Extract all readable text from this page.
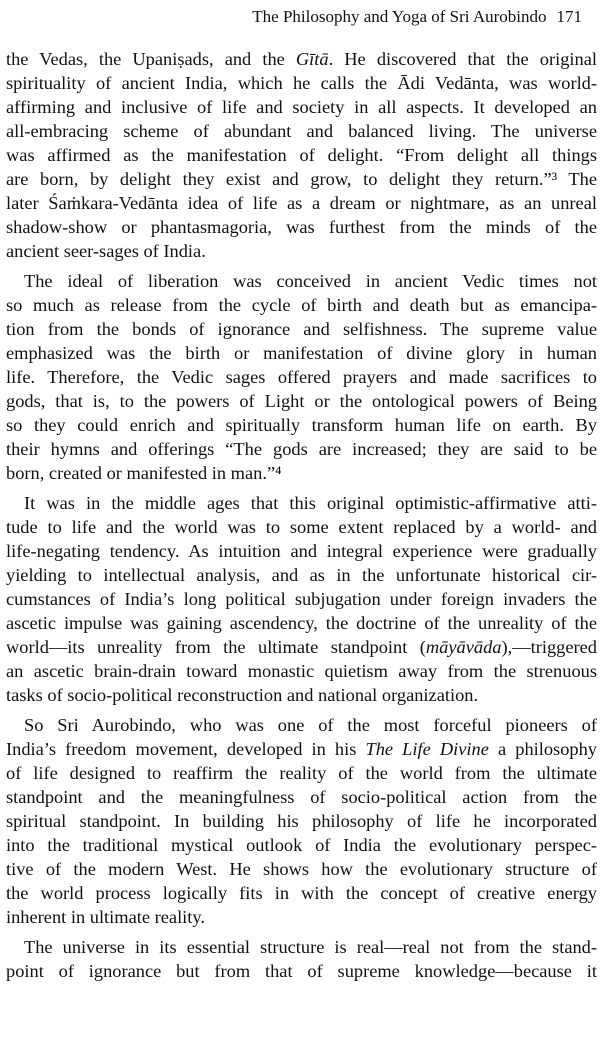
The Philosophy and Yoga of Sri Aurobindo 171
the Vedas, the Upaniṣads, and the Gītā. He discovered that the original
spirituality of ancient India, which he calls the Ādi Vedānta, was world-
affirming and inclusive of life and society in all aspects. It developed an
all-embracing scheme of abundant and balanced living. The universe
was affirmed as the manifestation of delight. “From delight all things
are born, by delight they exist and grow, to delight they return.”³ The
later Śaṁkara-Vedānta idea of life as a dream or nightmare, as an unreal
shadow-show or phantasmagoria, was furthest from the minds of the
ancient seer-sages of India.
The ideal of liberation was conceived in ancient Vedic times not
so much as release from the cycle of birth and death but as emancipa-
tion from the bonds of ignorance and selfishness. The supreme value
emphasized was the birth or manifestation of divine glory in human
life. Therefore, the Vedic sages offered prayers and made sacrifices to
gods, that is, to the powers of Light or the ontological powers of Being
so they could enrich and spiritually transform human life on earth. By
their hymns and offerings “The gods are increased; they are said to be
born, created or manifested in man.”⁴
It was in the middle ages that this original optimistic-affirmative atti-
tude to life and the world was to some extent replaced by a world- and
life-negating tendency. As intuition and integral experience were gradually
yielding to intellectual analysis, and as in the unfortunate historical cir-
cumstances of India’s long political subjugation under foreign invaders the
ascetic impulse was gaining ascendency, the doctrine of the unreality of the
world—its unreality from the ultimate standpoint (māyāvāda),—triggered
an ascetic brain-drain toward monastic quietism away from the strenuous
tasks of socio-political reconstruction and national organization.
So Sri Aurobindo, who was one of the most forceful pioneers of
India’s freedom movement, developed in his The Life Divine a philosophy
of life designed to reaffirm the reality of the world from the ultimate
standpoint and the meaningfulness of socio-political action from the
spiritual standpoint. In building his philosophy of life he incorporated
into the traditional mystical outlook of India the evolutionary perspec-
tive of the modern West. He shows how the evolutionary structure of
the world process logically fits in with the concept of creative energy
inherent in ultimate reality.
The universe in its essential structure is real—real not from the stand-
point of ignorance but from that of supreme knowledge—because it
